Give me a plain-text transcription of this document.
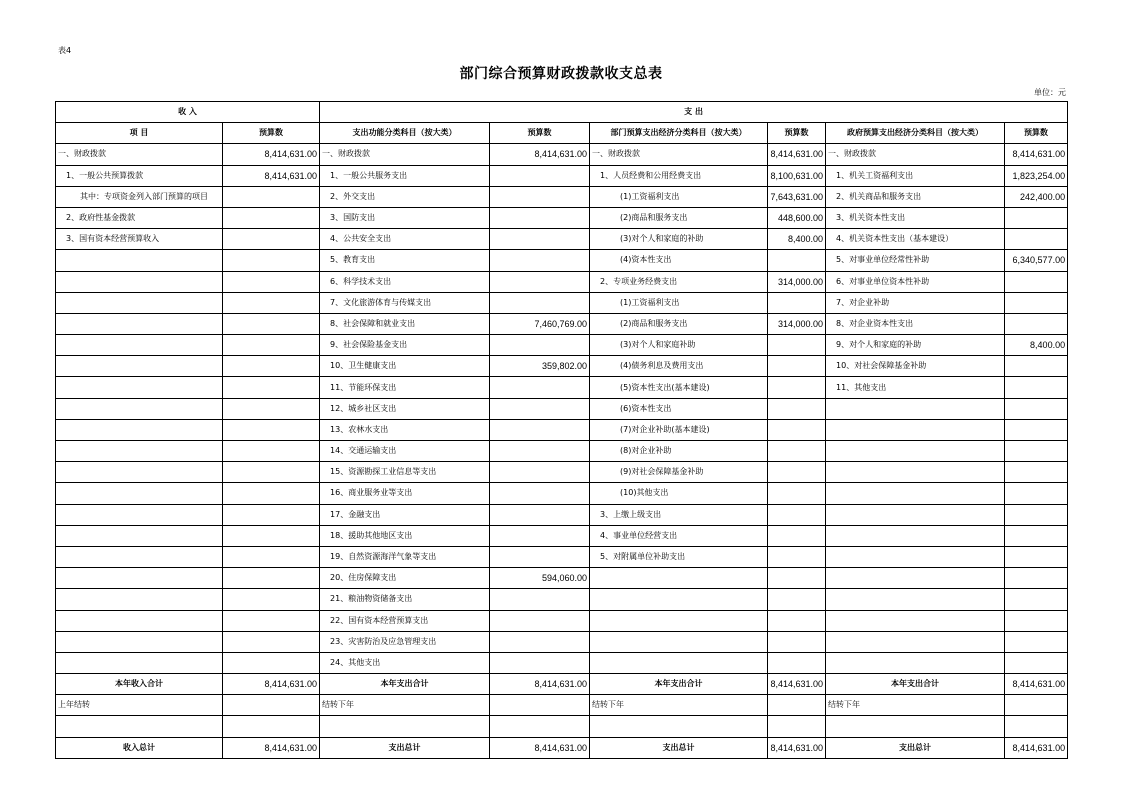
表4
部门综合预算财政拨款收支总表
单位：元
收 入		支 出					
项 目	预算数	支出功能分类科目（按大类）	预算数	部门预算支出经济分类科目（按大类）	预算数	政府预算支出经济分类科目（按大类）	预算数
一、财政拨款	8,414,631.00	一、财政拨款	8,414,631.00	一、财政拨款	8,414,631.00	一、财政拨款	8,414,631.00
1、一般公共预算拨款	8,414,631.00	1、一般公共服务支出		1、人员经费和公用经费支出	8,100,631.00	1、机关工资福利支出	1,823,254.00
其中：专项资金列入部门预算的项目		2、外交支出		(1)工资福利支出	7,643,631.00	2、机关商品和服务支出	242,400.00
2、政府性基金拨款		3、国防支出		(2)商品和服务支出	448,600.00	3、机关资本性支出	
3、国有资本经营预算收入		4、公共安全支出		(3)对个人和家庭的补助	8,400.00	4、机关资本性支出（基本建设）	
		5、教育支出		(4)资本性支出		5、对事业单位经常性补助	6,340,577.00
		6、科学技术支出		2、专项业务经费支出	314,000.00	6、对事业单位资本性补助	
		7、文化旅游体育与传媒支出		(1)工资福利支出		7、对企业补助	
		8、社会保障和就业支出	7,460,769.00	(2)商品和服务支出	314,000.00	8、对企业资本性支出	
		9、社会保险基金支出		(3)对个人和家庭补助		9、对个人和家庭的补助	8,400.00
		10、卫生健康支出	359,802.00	(4)债务利息及费用支出		10、对社会保障基金补助	
		11、节能环保支出		(5)资本性支出(基本建设)		11、其他支出	
		12、城乡社区支出		(6)资本性支出			
		13、农林水支出		(7)对企业补助(基本建设)			
		14、交通运输支出		(8)对企业补助			
		15、资源勘探工业信息等支出		(9)对社会保障基金补助			
		16、商业服务业等支出		(10)其他支出			
		17、金融支出		3、上缴上级支出			
		18、援助其他地区支出		4、事业单位经营支出			
		19、自然资源海洋气象等支出		5、对附属单位补助支出			
		20、住房保障支出	594,060.00				
		21、粮油物资储备支出					
		22、国有资本经营预算支出					
		23、灾害防治及应急管理支出					
		24、其他支出					
本年收入合计	8,414,631.00	本年支出合计	8,414,631.00	本年支出合计	8,414,631.00	本年支出合计	8,414,631.00
上年结转		结转下年		结转下年		结转下年	

收入总计	8,414,631.00	支出总计	8,414,631.00	支出总计	8,414,631.00	支出总计	8,414,631.00
